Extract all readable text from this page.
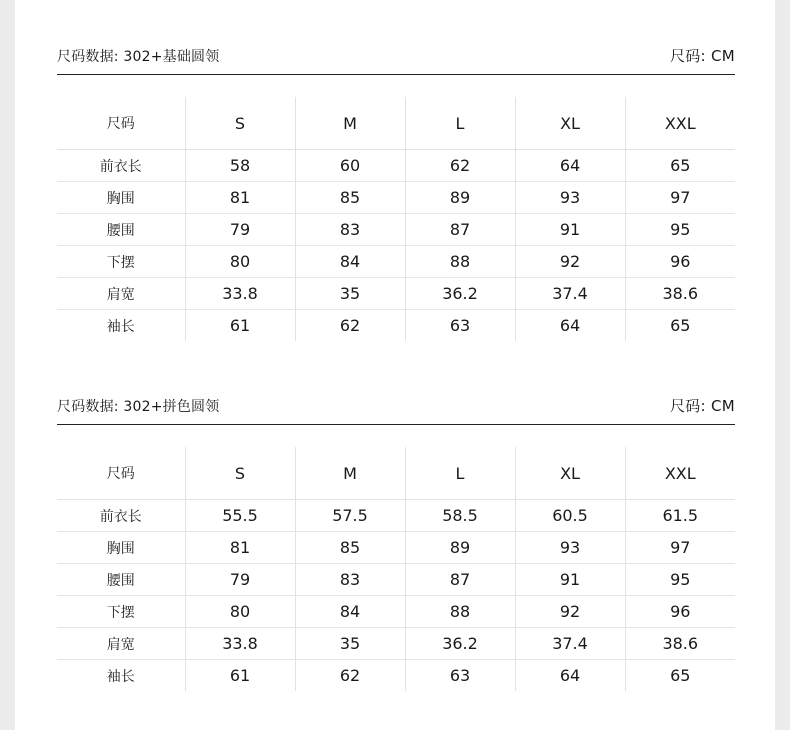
尺码数据: 302+基础圆领	尺码: CM
尺码	S	M	L	XL	XXL
前衣长	58	60	62	64	65
胸围	81	85	89	93	97
腰围	79	83	87	91	95
下摆	80	84	88	92	96
肩宽	33.8	35	36.2	37.4	38.6
袖长	61	62	63	64	65
尺码数据: 302+拼色圆领	尺码: CM
尺码	S	M	L	XL	XXL
前衣长	55.5	57.5	58.5	60.5	61.5
胸围	81	85	89	93	97
腰围	79	83	87	91	95
下摆	80	84	88	92	96
肩宽	33.8	35	36.2	37.4	38.6
袖长	61	62	63	64	65
